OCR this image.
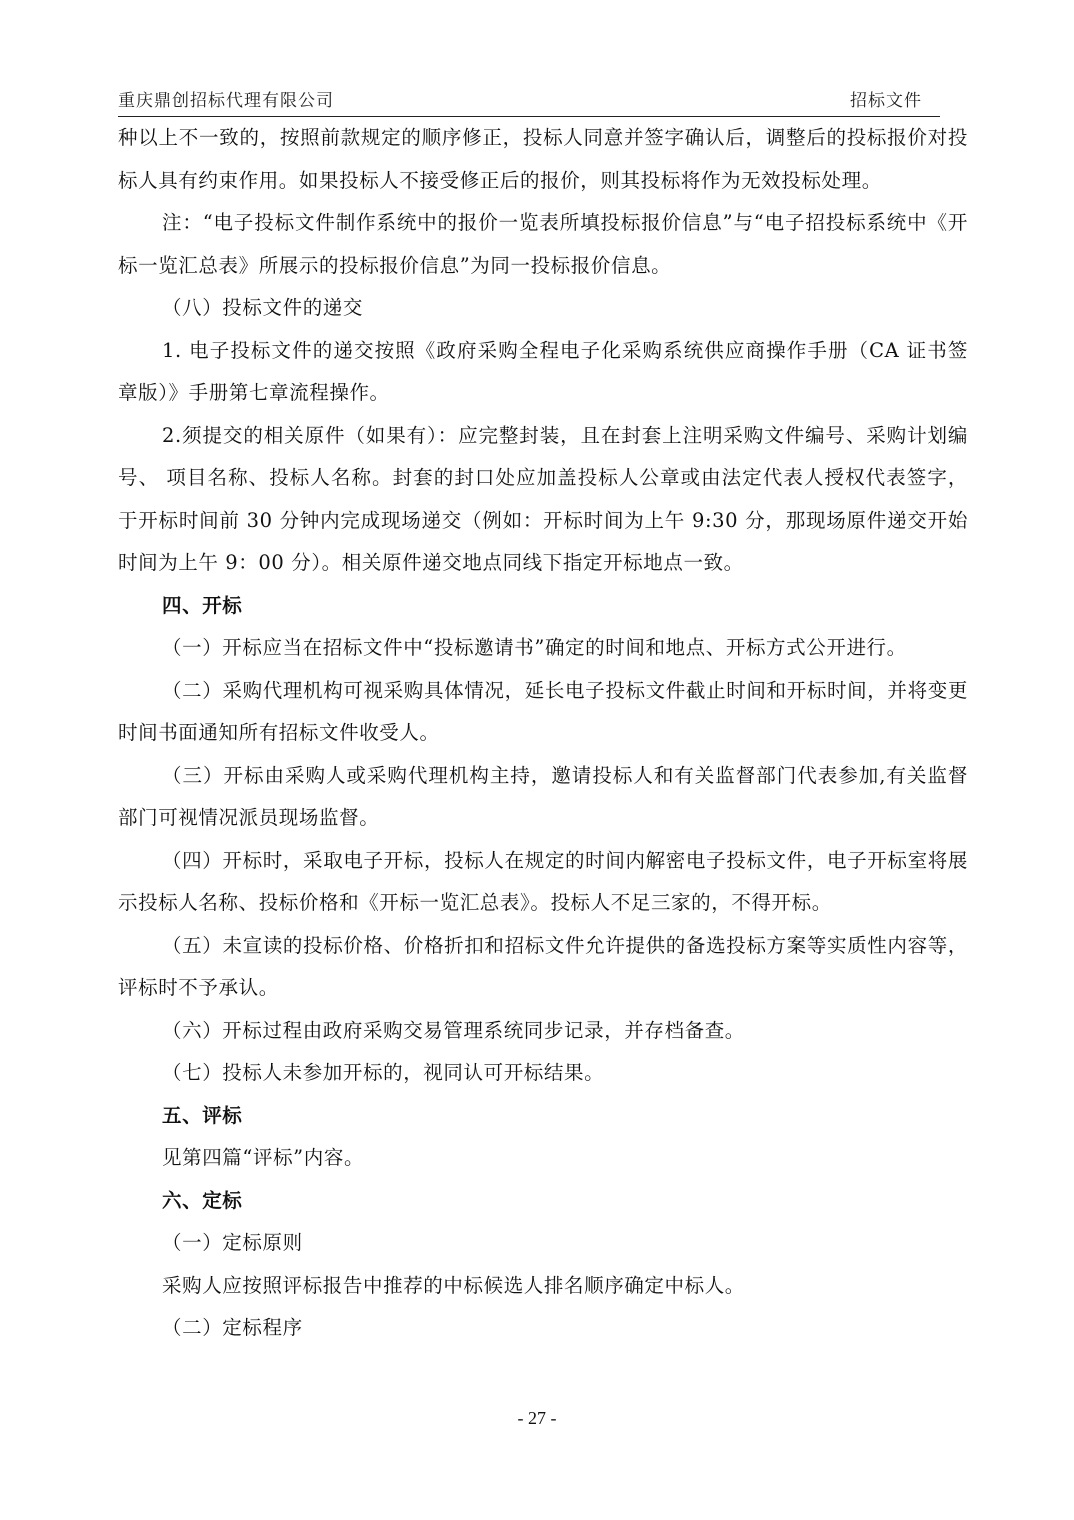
重庆鼎创招标代理有限公司	招标文件

种以上不一致的，按照前款规定的顺序修正，投标人同意并签字确认后，调整后的投标报价对投标人具有约束作用。如果投标人不接受修正后的报价，则其投标将作为无效投标处理。

注：“电子投标文件制作系统中的报价一览表所填投标报价信息”与“电子招投标系统中《开标一览汇总表》所展示的投标报价信息”为同一投标报价信息。

（八）投标文件的递交

1. 电子投标文件的递交按照《政府采购全程电子化采购系统供应商操作手册（CA 证书签章版）》手册第七章流程操作。

2.须提交的相关原件（如果有）：应完整封装，且在封套上注明采购文件编号、采购计划编号、 项目名称、投标人名称。封套的封口处应加盖投标人公章或由法定代表人授权代表签字，于开标时间前 30 分钟内完成现场递交（例如：开标时间为上午 9:30 分，那现场原件递交开始时间为上午 9：00 分）。相关原件递交地点同线下指定开标地点一致。

四、开标

（一）开标应当在招标文件中“投标邀请书”确定的时间和地点、开标方式公开进行。

（二）采购代理机构可视采购具体情况，延长电子投标文件截止时间和开标时间，并将变更时间书面通知所有招标文件收受人。

（三）开标由采购人或采购代理机构主持，邀请投标人和有关监督部门代表参加,有关监督部门可视情况派员现场监督。

（四）开标时，采取电子开标，投标人在规定的时间内解密电子投标文件，电子开标室将展示投标人名称、投标价格和《开标一览汇总表》。投标人不足三家的，不得开标。

（五）未宣读的投标价格、价格折扣和招标文件允许提供的备选投标方案等实质性内容等，评标时不予承认。

（六）开标过程由政府采购交易管理系统同步记录，并存档备查。

（七）投标人未参加开标的，视同认可开标结果。

五、评标

见第四篇“评标”内容。

六、定标

（一）定标原则

采购人应按照评标报告中推荐的中标候选人排名顺序确定中标人。

（二）定标程序

- 27 -
